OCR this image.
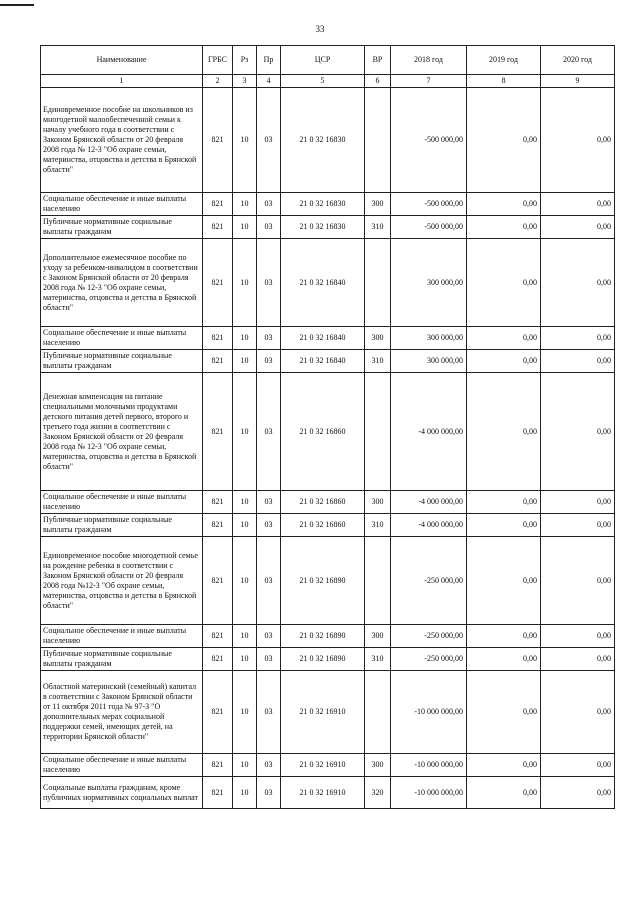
33
Наименование	ГРБС	Рз	Пр	ЦСР	ВР	2018 год	2019 год	2020 год
1	2	3	4	5	6	7	8	9
Единовременное пособие на школьников из многодетной малообеспеченной семьи к началу учебного года в соответствии с Законом Брянской области от 20 февраля 2008 года № 12-3 "Об охране семьи, материнства, отцовства и детства в Брянской области"	821	10	03	21 0 32 16830		-500 000,00	0,00	0,00
Социальное обеспечение и иные выплаты населению	821	10	03	21 0 32 16830	300	-500 000,00	0,00	0,00
Публичные нормативные социальные выплаты гражданам	821	10	03	21 0 32 16830	310	-500 000,00	0,00	0,00
Дополнительное ежемесячное пособие по уходу за ребенком-инвалидом в соответствии с Законом Брянской области от 20 февраля 2008 года № 12-3 "Об охране семьи, материнства, отцовства и детства в Брянской области"	821	10	03	21 0 32 16840		300 000,00	0,00	0,00
Социальное обеспечение и иные выплаты населению	821	10	03	21 0 32 16840	300	300 000,00	0,00	0,00
Публичные нормативные социальные выплаты гражданам	821	10	03	21 0 32 16840	310	300 000,00	0,00	0,00
Денежная компенсация на питание специальными молочными продуктами детского питания детей первого, второго и третьего года жизни в соответствии с Законом Брянской области от 20 февраля 2008 года № 12-3 "Об охране семьи, материнства, отцовства и детства в Брянской области"	821	10	03	21 0 32 16860		-4 000 000,00	0,00	0,00
Социальное обеспечение и иные выплаты населению	821	10	03	21 0 32 16860	300	-4 000 000,00	0,00	0,00
Публичные нормативные социальные выплаты гражданам	821	10	03	21 0 32 16860	310	-4 000 000,00	0,00	0,00
Единовременное пособие многодетной семье на рождение ребенка в соответствии с Законом Брянской области от 20 февраля 2008 года №12-3 "Об охране семьи, материнства, отцовства и детства в Брянской области"	821	10	03	21 0 32 16890		-250 000,00	0,00	0,00
Социальное обеспечение и иные выплаты населению	821	10	03	21 0 32 16890	300	-250 000,00	0,00	0,00
Публичные нормативные социальные выплаты гражданам	821	10	03	21 0 32 16890	310	-250 000,00	0,00	0,00
Областной материнский (семейный) капитал в соответствии с Законом Брянской области от 11 октября 2011 года № 97-З "О дополнительных мерах социальной поддержки семей, имеющих детей, на территории Брянской области"	821	10	03	21 0 32 16910		-10 000 000,00	0,00	0,00
Социальное обеспечение и иные выплаты населению	821	10	03	21 0 32 16910	300	-10 000 000,00	0,00	0,00
Социальные выплаты гражданам, кроме публичных нормативных социальных выплат	821	10	03	21 0 32 16910	320	-10 000 000,00	0,00	0,00
